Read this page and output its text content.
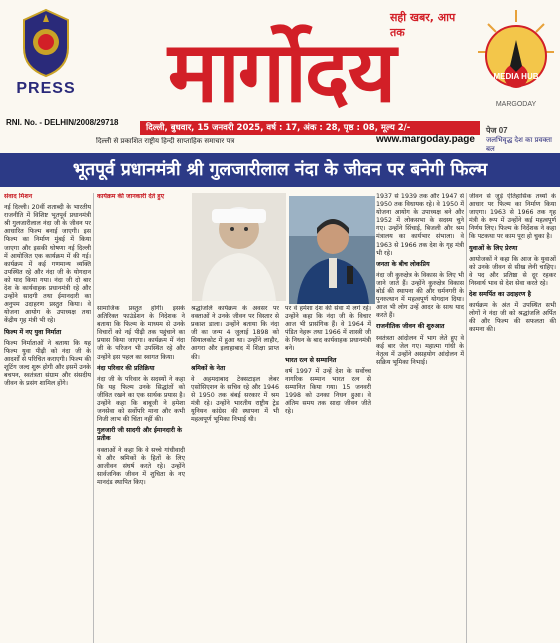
PRESS
RNI. No. - DELHIN/2008/29718
सही खबर, आप तक
मार्गोदय	MARGODAY
MEDIA HUB
दिल्ली, बुधवार, 15 जनवरी 2025, वर्ष : 17, अंक : 28, पृष्ठ : 08, मूल्य 2/-
दिल्ली से प्रकाशित राष्ट्रीय हिन्दी साप्ताहिक समाचार पत्र	www.margoday.page
पेज 07
जलभिवृद्ध देश का प्रवक्ता बल
भूतपूर्व प्रधानमंत्री श्री गुलजारीलाल नंदा के जीवन पर बनेगी फिल्म
कार्यक्रम की जानकारी देते हुए

संवाद मिशन

नई दिल्ली। 20वीं शताब्दी के भारतीय राजनीति में विशिष्ट भूतपूर्व प्रधानमंत्री श्री गुलजारीलाल नंदा जी के जीवन पर आधारित फिल्म बनाई जाएगी। इस फिल्म का निर्माण मुंबई में किया जाएगा और इसकी घोषणा नई दिल्ली में आयोजित एक कार्यक्रम में की गई। कार्यक्रम में कई गणमान्य व्यक्ति उपस्थित रहे और नंदा जी के योगदान को याद किया गया। नंदा जी दो बार देश के कार्यवाहक प्रधानमंत्री रहे और उन्होंने सादगी तथा ईमानदारी का अनुपम उदाहरण प्रस्तुत किया। वे योजना आयोग के उपाध्यक्ष तथा केंद्रीय गृह मंत्री भी रहे।

फिल्म में नए युवा निर्माता

फिल्म निर्माताओं ने बताया कि यह फिल्म युवा पीढ़ी को नंदा जी के आदर्शों से परिचित कराएगी। फिल्म की शूटिंग जल्द शुरू होगी और इसमें उनके बचपन, स्वतंत्रता संग्राम और संसदीय जीवन के प्रसंग शामिल होंगे।

सामाजिक प्रस्तुत होगी। इसके अतिरिक्त फाउंडेशन के निदेशक ने बताया कि फिल्म के माध्यम से उनके विचारों को नई पीढ़ी तक पहुंचाने का प्रयास किया जाएगा। कार्यक्रम में नंदा जी के परिजन भी उपस्थित रहे और उन्होंने इस पहल का स्वागत किया।

नंदा परिवार की प्रतिक्रिया

नंदा जी के परिवार के सदस्यों ने कहा कि यह फिल्म उनके सिद्धांतों को जीवित रखने का एक सार्थक प्रयास है। उन्होंने कहा कि बाबूजी ने हमेशा जनसेवा को सर्वोपरि माना और कभी निजी लाभ की चिंता नहीं की।

गुलजारी जी सादगी और ईमानदारी के प्रतीक

वक्ताओं ने कहा कि वे सच्चे गांधीवादी थे और श्रमिकों के हितों के लिए आजीवन संघर्ष करते रहे। उन्होंने सार्वजनिक जीवन में शुचिता के नए मानदंड स्थापित किए।

श्रद्धांजलि कार्यक्रम के अवसर पर वक्ताओं ने उनके जीवन पर विस्तार से प्रकाश डाला। उन्होंने बताया कि नंदा जी का जन्म 4 जुलाई 1898 को सियालकोट में हुआ था। उन्होंने लाहौर, आगरा और इलाहाबाद में शिक्षा प्राप्त की।

श्रमिकों के नेता

वे अहमदाबाद टेक्सटाइल लेबर एसोसिएशन के सचिव रहे और 1946 से 1950 तक बंबई सरकार में श्रम मंत्री रहे। उन्होंने भारतीय राष्ट्रीय ट्रेड यूनियन कांग्रेस की स्थापना में भी महत्वपूर्ण भूमिका निभाई थी।

पर वे हमेशा देश की सेवा में लगे रहे। उन्होंने कहा कि नंदा जी के विचार आज भी प्रासंगिक हैं। वे 1964 में पंडित नेहरू तथा 1966 में शास्त्री जी के निधन के बाद कार्यवाहक प्रधानमंत्री बने।

भारत रत्न से सम्मानित

वर्ष 1997 में उन्हें देश के सर्वोच्च नागरिक सम्मान भारत रत्न से सम्मानित किया गया। 15 जनवरी 1998 को उनका निधन हुआ। वे अंतिम समय तक सादा जीवन जीते रहे।

1937 से 1939 तक और 1947 से 1950 तक विधायक रहे। वे 1950 में योजना आयोग के उपाध्यक्ष बने और 1952 में लोकसभा के सदस्य चुने गए। उन्होंने सिंचाई, बिजली और श्रम मंत्रालय का कार्यभार संभाला। वे 1963 से 1966 तक देश के गृह मंत्री भी रहे।

जनता के बीच लोकप्रिय

नंदा जी कुरुक्षेत्र के विकास के लिए भी जाने जाते हैं। उन्होंने कुरुक्षेत्र विकास बोर्ड की स्थापना की और धर्मनगरी के पुनरुत्थान में महत्वपूर्ण योगदान दिया। आज भी लोग उन्हें आदर के साथ याद करते हैं।

राजनीतिक जीवन की शुरुआत

स्वतंत्रता आंदोलन में भाग लेते हुए वे कई बार जेल गए। महात्मा गांधी के नेतृत्व में उन्होंने असहयोग आंदोलन में सक्रिय भूमिका निभाई।

जीवन से जुड़े ऐतिहासिक तथ्यों के आधार पर फिल्म का निर्माण किया जाएगा। 1963 से 1966 तक गृह मंत्री के रूप में उन्होंने कई महत्वपूर्ण निर्णय लिए। फिल्म के निर्देशक ने कहा कि पटकथा पर काम पूरा हो चुका है।

युवाओं के लिए प्रेरणा

आयोजकों ने कहा कि आज के युवाओं को उनके जीवन से सीख लेनी चाहिए। वे पद और प्रतिष्ठा से दूर रहकर निस्वार्थ भाव से देश सेवा करते रहे।

देश समर्पित का उदाहरण है

कार्यक्रम के अंत में उपस्थित सभी लोगों ने नंदा जी को श्रद्धांजलि अर्पित की और फिल्म की सफलता की कामना की।
